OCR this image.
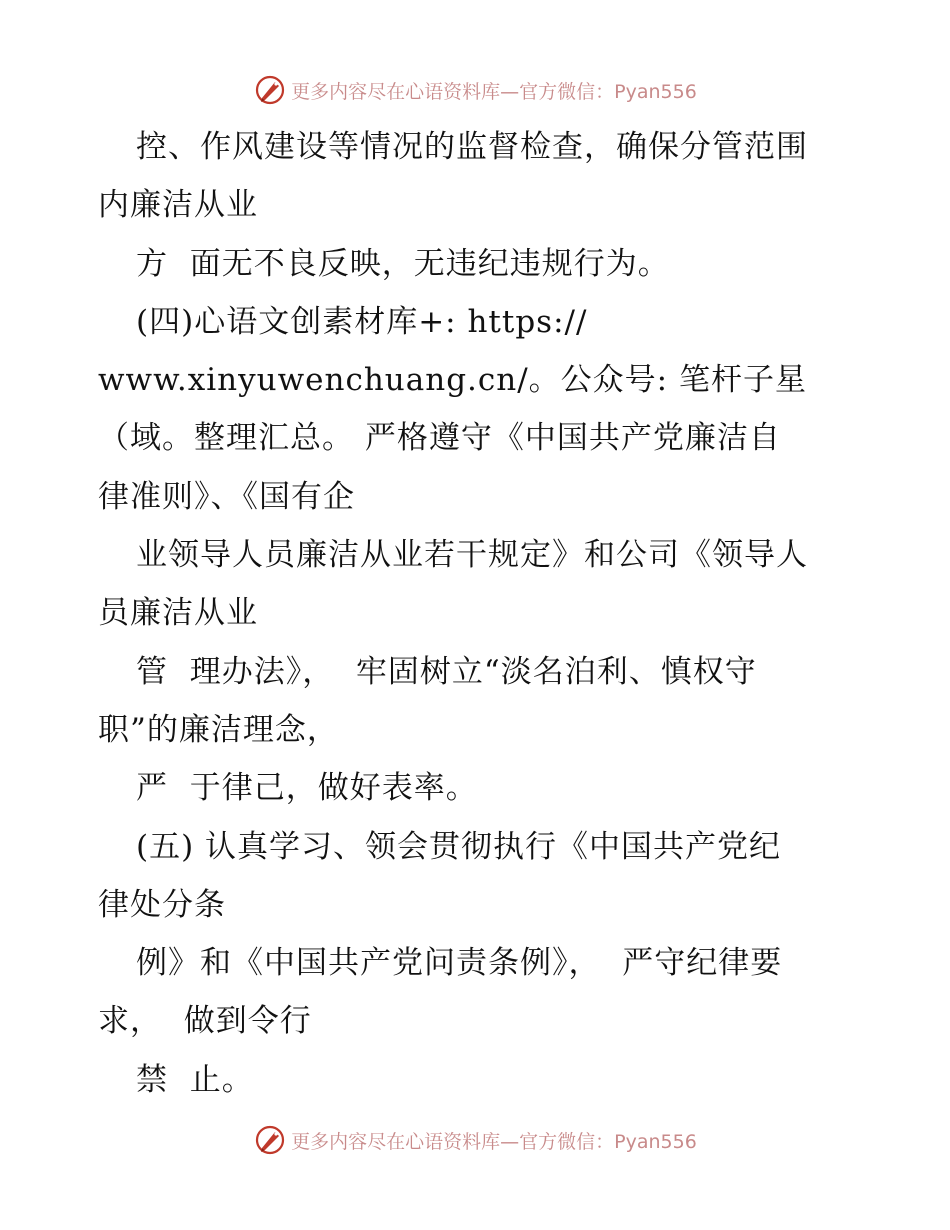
更多内容尽在心语资料库—官方微信：Pyan556
控、作风建设等情况的监督检查，确保分管范围
内廉洁从业
方  面无不良反映，无违纪违规行为。
(四)心语文创素材库+: https://
www.xinyuwenchuang.cn/。公众号: 笔杆子星
（域。整理汇总。 严格遵守《中国共产党廉洁自
律准则》、《国有企
业领导人员廉洁从业若干规定》和公司《领导人
员廉洁从业
管  理办法》，  牢固树立“淡名泊利、慎权守
职”的廉洁理念，
严  于律己，做好表率。
(五) 认真学习、领会贯彻执行《中国共产党纪
律处分条
例》和《中国共产党问责条例》，  严守纪律要
求，  做到令行
禁  止。
更多内容尽在心语资料库—官方微信：Pyan556
